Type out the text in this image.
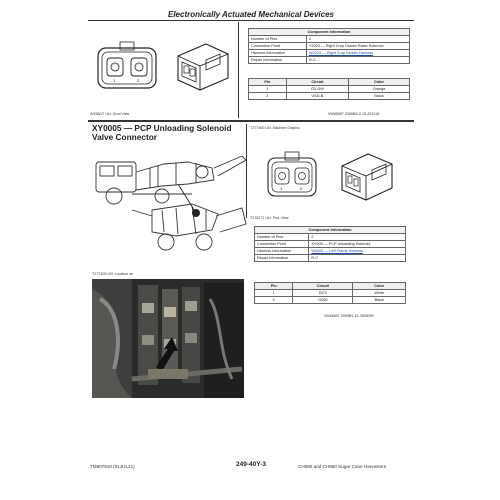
Electronically Actuated Mechanical Devices
1	2
W1580/7 UN: Grnd View
Component Information	
Number of Pins	2
Connection Point	Y2023 — Right Crop Divider Raise Solenoid
Harness Information	W2023 — Right Crop Divider Harness
Repair Information	R-C
Pin	Circuit	Color
1	CD-DW	Orange
2	USD-B	Black
VW65897 2009BG-0 19-201218
XY0005 — PCP Unloading Solenoid Valve Connector
T2T7400 UN: Machine Graphic
1	2
T2T8271 UN: Pin1 View
Component Information	
Number of Pins	2
Connection Point	XY005 — PCP Unloading Solenoid
Harness Information	W2005 — Left Frame Harness
Repair Information	R-C
Pin	Circuit	Color
1	5372	White
2	G050	Black
VW65897 2009BY-19-2509099
T2T7400 UN: Location an
TM807810 (01JUL21)	249-40Y-3	CH580 and CH960 Sugar Cane Harvesters
